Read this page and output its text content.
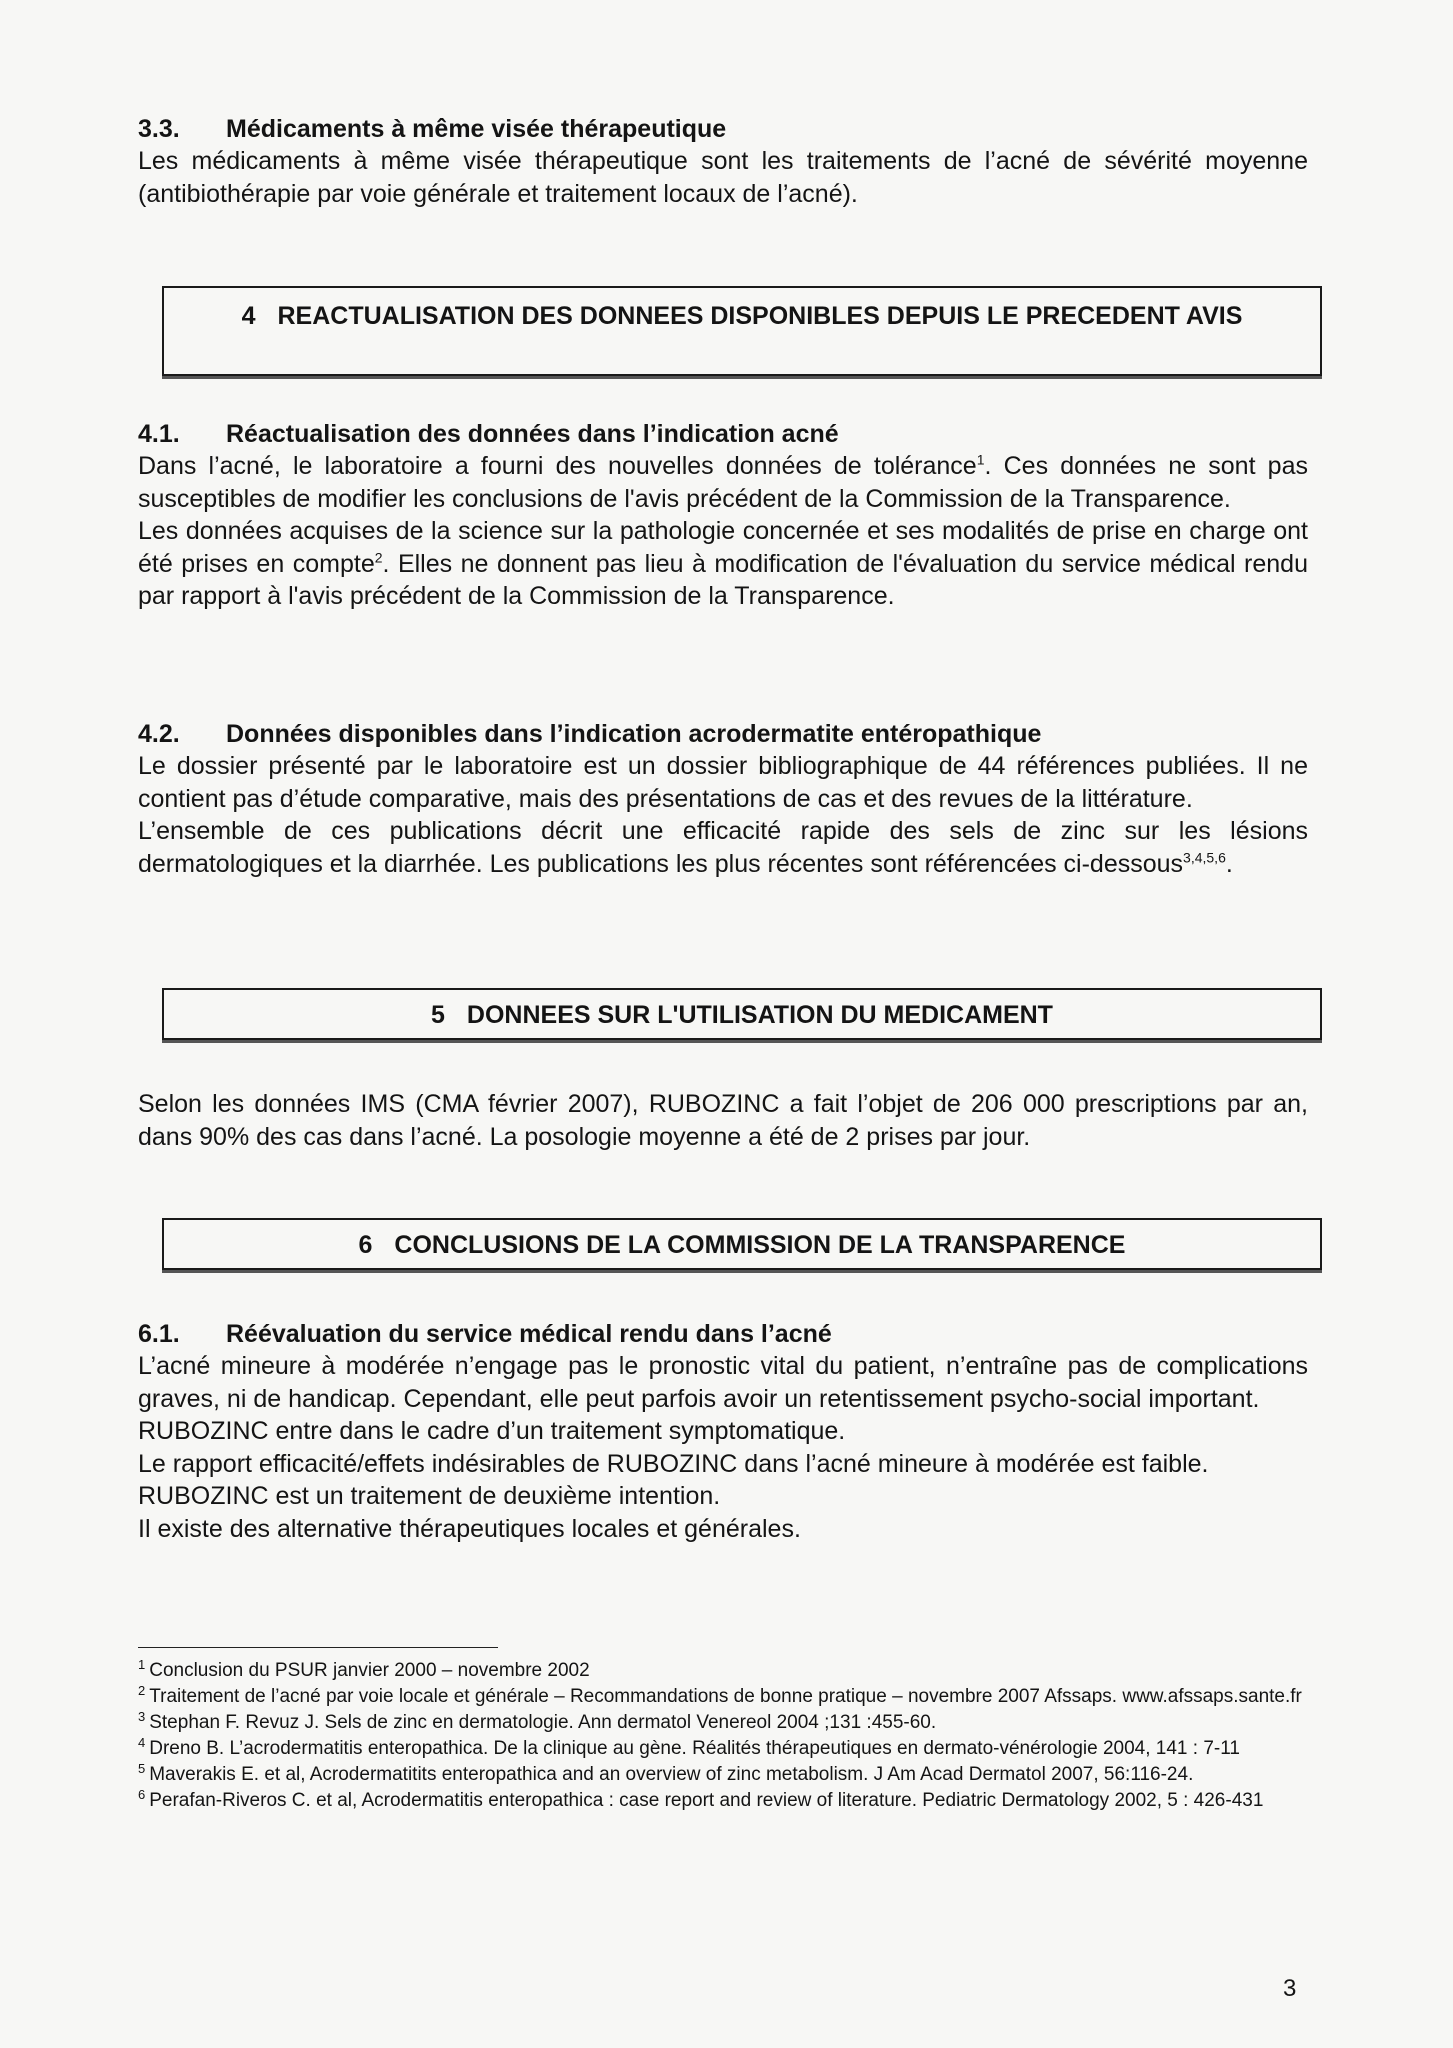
3.3. Médicaments à même visée thérapeutique

Les médicaments à même visée thérapeutique sont les traitements de l’acné de sévérité moyenne (antibiothérapie par voie générale et traitement locaux de l’acné).

4 REACTUALISATION DES DONNEES DISPONIBLES DEPUIS LE PRECEDENT AVIS

4.1. Réactualisation des données dans l’indication acné

Dans l’acné, le laboratoire a fourni des nouvelles données de tolérance$^1$. Ces données ne sont pas susceptibles de modifier les conclusions de l'avis précédent de la Commission de la Transparence.

Les données acquises de la science sur la pathologie concernée et ses modalités de prise en charge ont été prises en compte$^2$. Elles ne donnent pas lieu à modification de l'évaluation du service médical rendu par rapport à l'avis précédent de la Commission de la Transparence.

4.2. Données disponibles dans l’indication acrodermatite entéropathique

Le dossier présenté par le laboratoire est un dossier bibliographique de 44 références publiées. Il ne contient pas d’étude comparative, mais des présentations de cas et des revues de la littérature.

L’ensemble de ces publications décrit une efficacité rapide des sels de zinc sur les lésions dermatologiques et la diarrhée. Les publications les plus récentes sont référencées ci-dessous$^{3,4,5,6}$.

5 DONNEES SUR L'UTILISATION DU MEDICAMENT

Selon les données IMS (CMA février 2007), RUBOZINC a fait l’objet de 206 000 prescriptions par an, dans 90% des cas dans l’acné. La posologie moyenne a été de 2 prises par jour.

6 CONCLUSIONS DE LA COMMISSION DE LA TRANSPARENCE

6.1. Réévaluation du service médical rendu dans l’acné

L’acné mineure à modérée n’engage pas le pronostic vital du patient, n’entraîne pas de complications graves, ni de handicap. Cependant, elle peut parfois avoir un retentissement psycho-social important.

RUBOZINC entre dans le cadre d’un traitement symptomatique.

Le rapport efficacité/effets indésirables de RUBOZINC dans l’acné mineure à modérée est faible.

RUBOZINC est un traitement de deuxième intention.

Il existe des alternative thérapeutiques locales et générales.

$^1$ Conclusion du PSUR janvier 2000 – novembre 2002

$^2$ Traitement de l’acné par voie locale et générale – Recommandations de bonne pratique – novembre 2007 Afssaps. www.afssaps.sante.fr

$^3$ Stephan F. Revuz J. Sels de zinc en dermatologie. Ann dermatol Venereol 2004 ;131 :455-60.

$^4$ Dreno B. L’acrodermatitis enteropathica. De la clinique au gène. Réalités thérapeutiques en dermato-vénérologie 2004, 141 : 7-11

$^5$ Maverakis E. et al, Acrodermatitits enteropathica and an overview of zinc metabolism. J Am Acad Dermatol 2007, 56:116-24.

$^6$ Perafan-Riveros C. et al, Acrodermatitis enteropathica : case report and review of literature. Pediatric Dermatology 2002, 5 : 426-431

3
